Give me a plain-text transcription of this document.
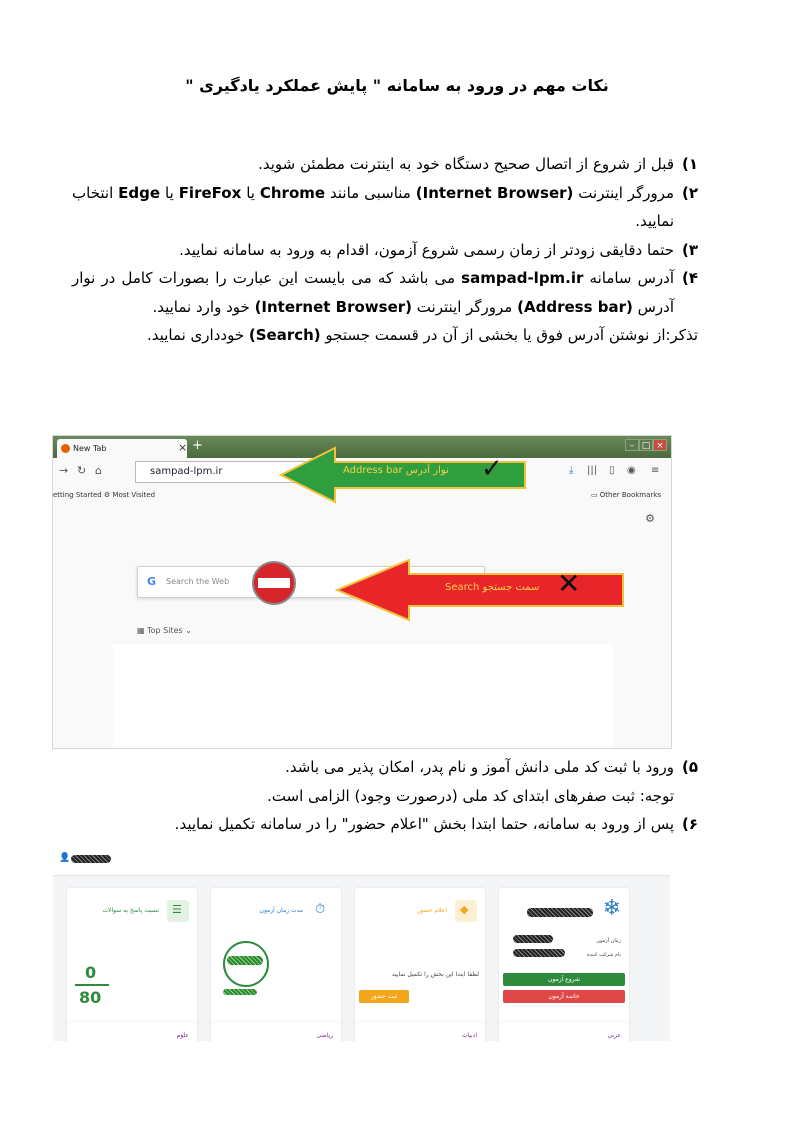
نکات مهم در ورود به سامانه " پایش عملکرد یادگیری "
۱)
قبل از شروع از اتصال صحیح دستگاه خود به اینترنت مطمئن شوید.
۲)
مرورگر اینترنت (Internet Browser) مناسبی مانند Chrome یا FireFox یا Edge انتخاب نمایید.
۳)
حتما دقایقی زودتر از زمان رسمی شروع آزمون، اقدام به ورود به سامانه نمایید.
۴)
آدرس سامانه sampad-lpm.ir می باشد که می بایست این عبارت را بصورات کامل در نوار آدرس (Address bar) مرورگر اینترنت (Internet Browser) خود وارد نمایید.
تذکر:از نوشتن آدرس فوق یا بخشی از آن در قسمت جستجو (Search) خودداری نمایید.
New Tab	× +	– □ ×
→ ↻ ⌂	sampad-lpm.ir	⤓ ||| ▯ ◉ ≡
etting Started ⚙ Most Visited	▭ Other Bookmarks
⚙
G Search the Web
▦ Top Sites ⌄
نوار آدرس Address bar ✓
سمت جستجو Search ✕
۵)
ورود با ثبت کد ملی دانش آموز و نام پدر، امکان پذیر می باشد.
توجه: ثبت صفرهای ابتدای کد ملی (درصورت وجود) الزامی است.
۶)
پس از ورود به سامانه، حتما ابتدا بخش "اعلام حضور" را در سامانه تکمیل نمایید.
👤
☰
نسبت پاسخ به سوالات
0
80
⏱
مدت زمان آزمون	◆
اعلام حضور
لطفا ابتدا این بخش را تکمیل نمایید
ثبت حضور
❄
زمان آزمون
نام شرکت کننده
شروع آزمون
خاتمه آزمون
علوم	ریاضی	ادبیات	عربی
